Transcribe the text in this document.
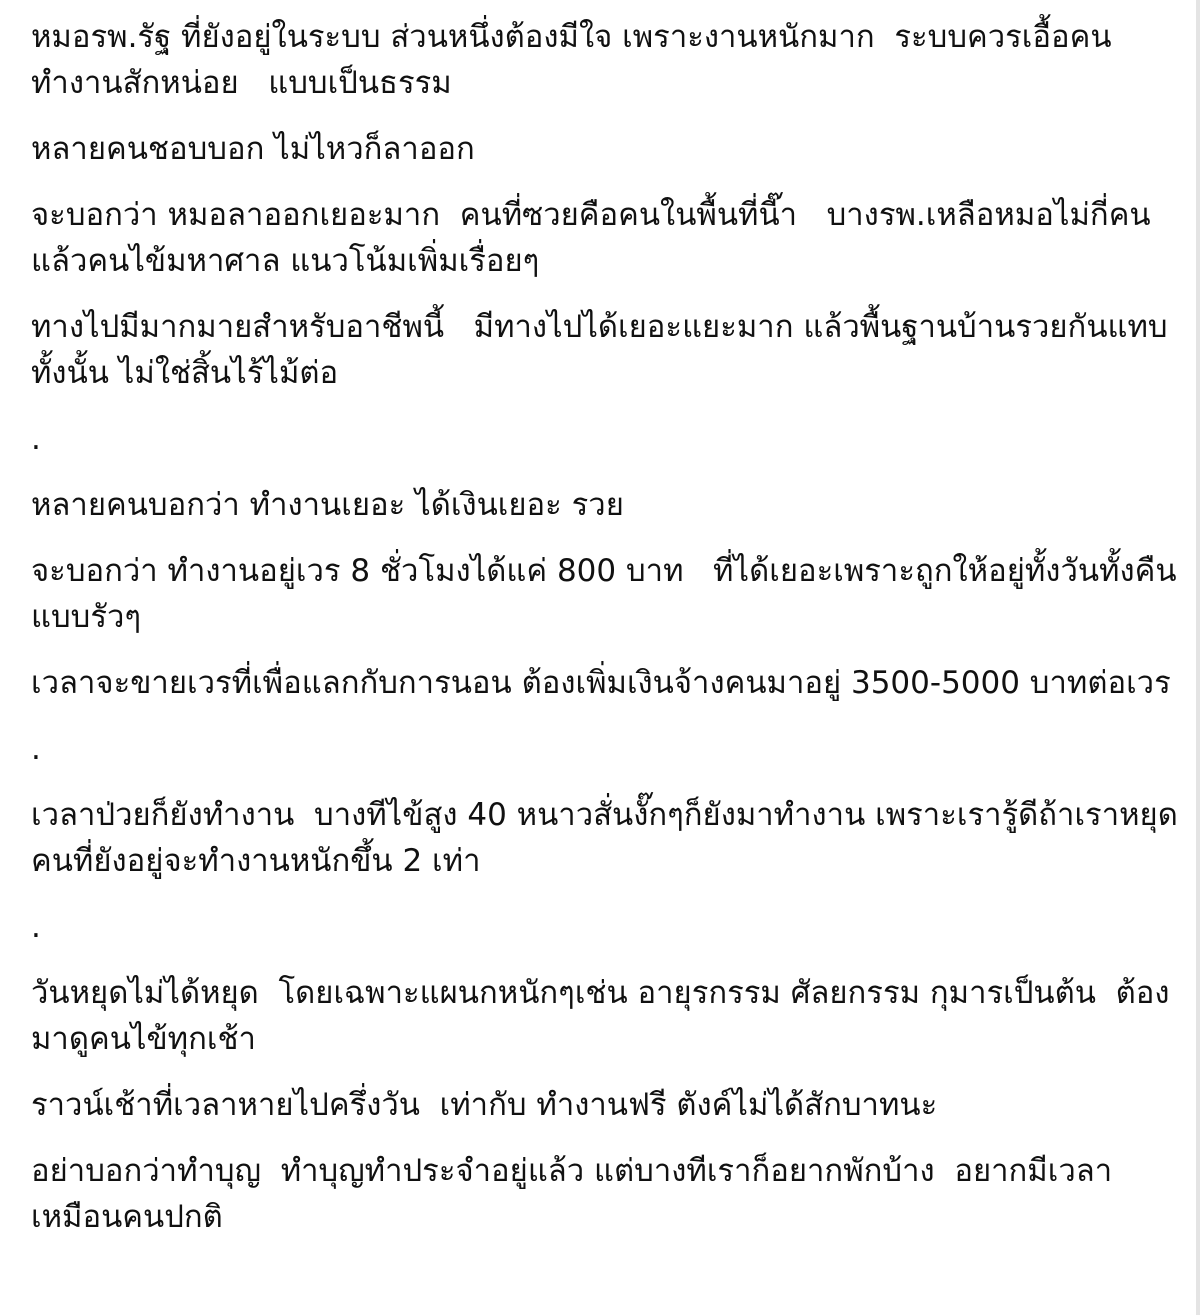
หมอรพ.รัฐ ที่ยังอยู่ในระบบ ส่วนหนึ่งต้องมีใจ เพราะงานหนักมาก  ระบบควรเอื้อคนทำงานสักหน่อย   แบบเป็นธรรม

หลายคนชอบบอก ไม่ไหวก็ลาออก

จะบอกว่า หมอลาออกเยอะมาก  คนที่ซวยคือคนในพื้นที่นี๊า   บางรพ.เหลือหมอไม่กี่คน แล้วคนไข้มหาศาล แนวโน้มเพิ่มเรื่อยๆ

ทางไปมีมากมายสำหรับอาชีพนี้   มีทางไปได้เยอะแยะมาก แล้วพื้นฐานบ้านรวยกันแทบทั้งนั้น ไม่ใช่สิ้นไร้ไม้ต่อ

.

หลายคนบอกว่า ทำงานเยอะ ได้เงินเยอะ รวย

จะบอกว่า ทำงานอยู่เวร 8 ชั่วโมงได้แค่ 800 บาท   ที่ได้เยอะเพราะถูกให้อยู่ทั้งวันทั้งคืนแบบรัวๆ

เวลาจะขายเวรที่เพื่อแลกกับการนอน ต้องเพิ่มเงินจ้างคนมาอยู่ 3500-5000 บาทต่อเวร

.

เวลาป่วยก็ยังทำงาน  บางทีไข้สูง 40 หนาวสั่นงั๊กๆก็ยังมาทำงาน เพราะเรารู้ดีถ้าเราหยุด คนที่ยังอยู่จะทำงานหนักขึ้น 2 เท่า

.

วันหยุดไม่ได้หยุด  โดยเฉพาะแผนกหนักๆเช่น อายุรกรรม ศัลยกรรม กุมารเป็นต้น  ต้องมาดูคนไข้ทุกเช้า

ราวน์เช้าที่เวลาหายไปครึ่งวัน  เท่ากับ ทำงานฟรี ตังค์ไม่ได้สักบาทนะ

อย่าบอกว่าทำบุญ  ทำบุญทำประจำอยู่แล้ว แต่บางทีเราก็อยากพักบ้าง  อยากมีเวลาเหมือนคนปกติ
